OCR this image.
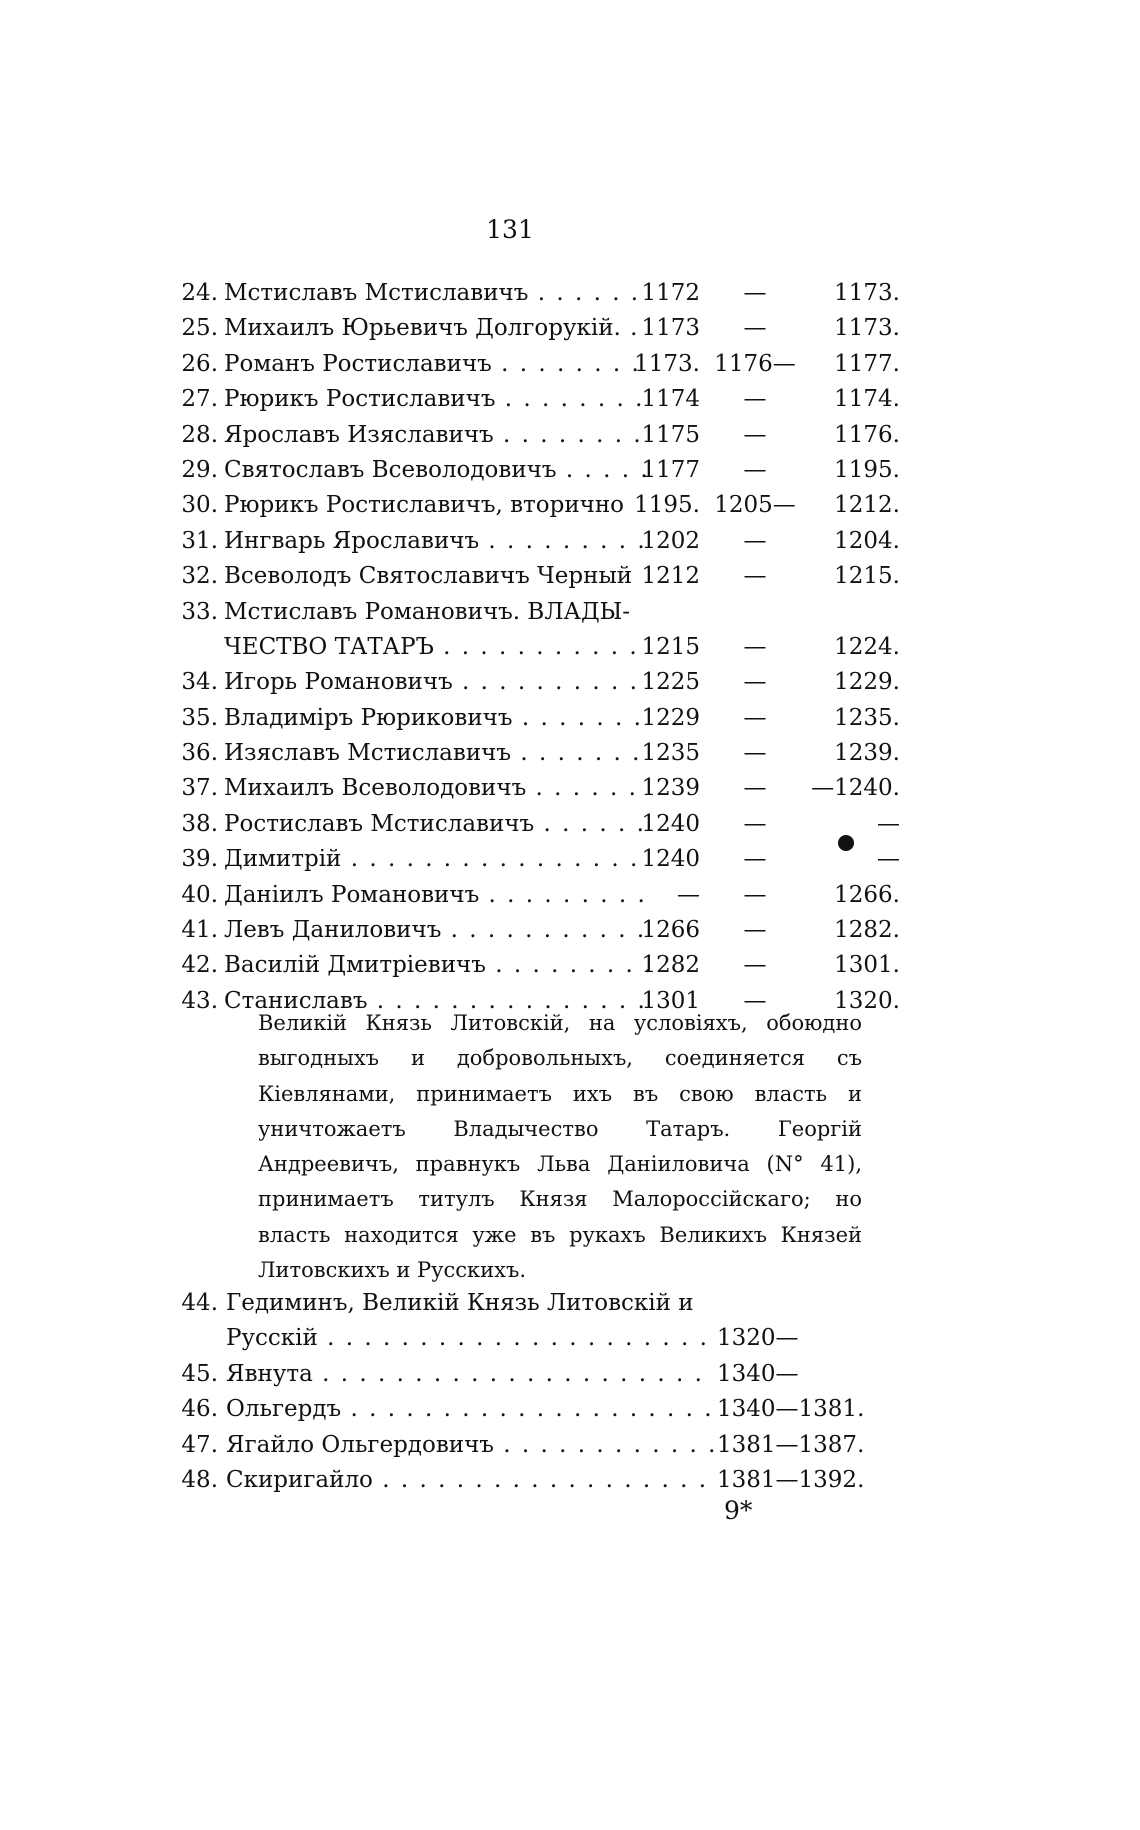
131
24. Мстиславъ Мстиславичъ . . .	1172	—	1173.
25. Михаилъ Юрьевичъ Долгорукій. . . . 1173	—	1173.
26. Романъ Ростиславичъ . . .	1173. 1176—	1177.
27. Рюрикъ Ростиславичъ . . .	1174	—	1174.
28. Ярославъ Изяславичъ . . .	1175	—	1176.
29. Святославъ Всеволодовичъ . . .	1177	—	1195.
30. Рюрикъ Ростиславичъ, вторично 1195. 1205—	1212.
31. Ингварь Ярославичъ . . .	1202	—	1204.
32. Всеволодъ Святославичъ Черный 1212	—	1215.
33. Мстиславъ Романовичъ. ВЛАДЫ-
ЧЕСТВО ТАТАРЪ . . .	1215	—	1224.
34. Игорь Романовичъ . . .	1225	—	1229.
35. Владиміръ Рюриковичъ . . .	1229	—	1235.
36. Изяславъ Мстиславичъ . . .	1235	—	1239.
37. Михаилъ Всеволодовичъ . . .	1239	—	—1240.
38. Ростиславъ Мстиславичъ . . .	1240	—	—
39. Димитрій . . .	1240	—	—
40. Даніилъ Романовичъ . . .	—	—	1266.
41. Левъ Даниловичъ . . .	1266	—	1282.
42. Василій Дмитріевичъ . . .	1282	—	1301.
43. Станиславъ . . .	1301	—	1320.
Великій Князь Литовскій, на условіяхъ, обоюдно выгодныхъ и добровольныхъ, соединяется съ Кіевлянами, принимаетъ ихъ въ свою власть и уничтожаетъ Владычество Татаръ. Георгій Андреевичъ, правнукъ Льва Даніиловича (N° 41), принимаетъ титулъ Князя Малороссійскаго; но власть находится уже въ рукахъ Великихъ Князей Литовскихъ и Русскихъ.
44. Гедиминъ, Великій Князь Литовскій и
Русскій . . .	1320—
45. Явнута . . .	1340—
46. Ольгердъ . . .	1340—1381.
47. Ягайло Ольгердовичъ . . .	1381—1387.
48. Скиригайло . . .	1381—1392.
9*
